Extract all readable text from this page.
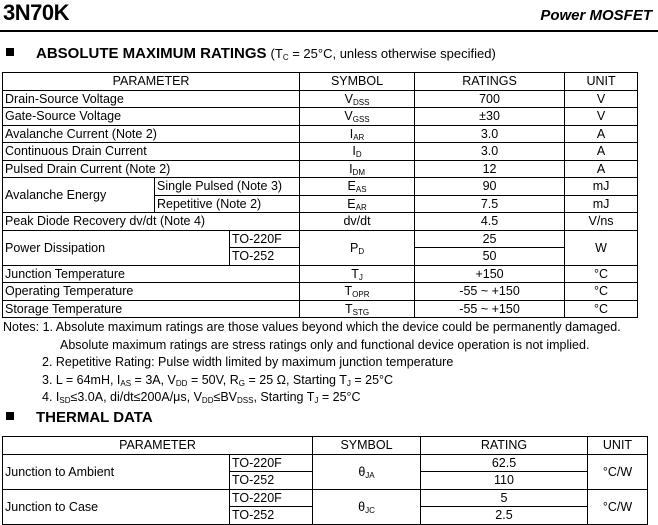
3N70K	Power MOSFET
ABSOLUTE MAXIMUM RATINGS ($T_C = 25^\circ C$, unless otherwise specified)
PARAMETER			SYMBOL	RATINGS	UNIT
Drain-Source Voltage			$V_{DSS}$	700	V
Gate-Source Voltage			$V_{GSS}$	±30	V
Avalanche Current (Note 2)			$I_{AR}$	3.0	A
Continuous Drain Current			$I_D$	3.0	A
Pulsed Drain Current (Note 2)			$I_{DM}$	12	A
Avalanche Energy	Single Pulsed (Note 3)		$E_{AS}$	90	mJ
	Repetitive (Note 2)		$E_{AR}$	7.5	mJ
Peak Diode Recovery dv/dt (Note 4)			dv/dt	4.5	V/ns
Power Dissipation		TO-220F	$P_D$	25	W
		TO-252		50	
Junction Temperature			$T_J$	+150	°C
Operating Temperature			$T_{OPR}$	-55 ~ +150	°C
Storage Temperature			$T_{STG}$	-55 ~ +150	°C
Notes: 1. Absolute maximum ratings are those values beyond which the device could be permanently damaged.
Absolute maximum ratings are stress ratings only and functional device operation is not implied.
2. Repetitive Rating: Pulse width limited by maximum junction temperature
3. L = 64mH, $I_{AS} = 3A$, $V_{DD} = 50V$, $R_G = 25$ Ω, Starting $T_J = 25^\circ C$
4. $I_{SD}\le 3.0A$, di/dt≤200A/μs, $V_{DD}\le BV_{DSS}$, Starting $T_J = 25^\circ C$
THERMAL DATA
PARAMETER		SYMBOL	RATING	UNIT
Junction to Ambient	TO-220F	$\theta_{JA}$	62.5	°C/W
	TO-252		110	
Junction to Case	TO-220F	$\theta_{JC}$	5	°C/W
	TO-252		2.5	
